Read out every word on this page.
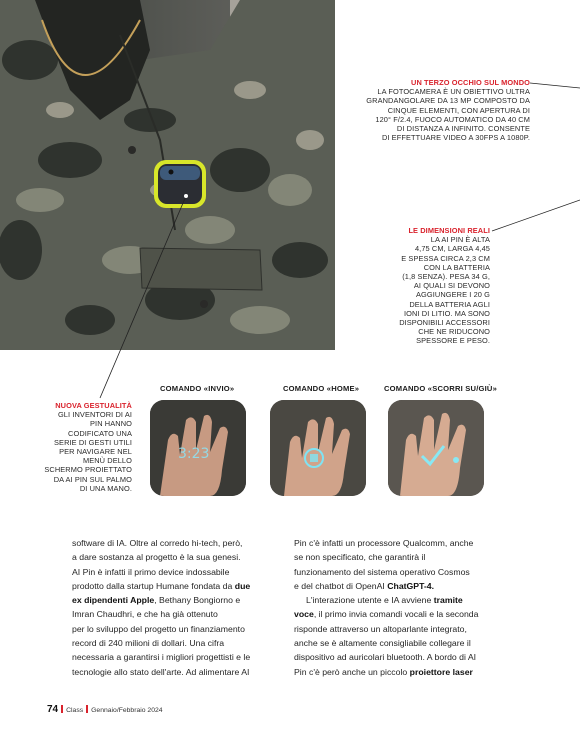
UN TERZO OCCHIO SUL MONDO
LA FOTOCAMERA È UN OBIETTIVO ULTRA
GRANDANGOLARE DA 13 MP COMPOSTO DA
CINQUE ELEMENTI, CON APERTURA DI
120° F/2.4, FUOCO AUTOMATICO DA 40 CM
DI DISTANZA A INFINITO. CONSENTE
DI EFFETTUARE VIDEO A 30FPS A 1080P.
LE DIMENSIONI REALI
LA AI PIN È ALTA
4,75 CM, LARGA 4,45
E SPESSA CIRCA 2,3 CM
CON LA BATTERIA
(1,8 SENZA). PESA 34 G,
AI QUALI SI DEVONO
AGGIUNGERE I 20 G
DELLA BATTERIA AGLI
IONI DI LITIO. MA SONO
DISPONIBILI ACCESSORI
CHE NE RIDUCONO
SPESSORE E PESO.
NUOVA GESTUALITÀ
GLI INVENTORI DI AI
PIN HANNO
CODIFICATO UNA
SERIE DI GESTI UTILI
PER NAVIGARE NEL
MENÙ DELLO
SCHERMO PROIETTATO
DA AI PIN SUL PALMO
DI UNA MANO.
COMANDO «INVIO»	COMANDO «HOME»	COMANDO «SCORRI SU/GIÙ»
3:23

software di IA. Oltre al corredo hi-tech, però,

a dare sostanza al progetto è la sua genesi.

AI Pin è infatti il primo device indossabile

prodotto dalla startup Humane fondata da due

ex dipendenti Apple, Bethany Bongiorno e

Imran Chaudhri, e che ha già ottenuto

per lo sviluppo del progetto un finanziamento

record di 240 milioni di dollari. Una cifra

necessaria a garantirsi i migliori progettisti e le

tecnologie allo stato dell'arte. Ad alimentare AI

Pin c'è infatti un processore Qualcomm, anche

se non specificato, che garantirà il

funzionamento del sistema operativo Cosmos

e del chatbot di OpenAI ChatGPT-4.

L'interazione utente e IA avviene tramite

voce, il primo invia comandi vocali e la seconda

risponde attraverso un altoparlante integrato,

anche se è altamente consigliabile collegare il

dispositivo ad auricolari bluetooth. A bordo di AI

Pin c'è però anche un piccolo proiettore laser

74 Class Gennaio/Febbraio 2024
